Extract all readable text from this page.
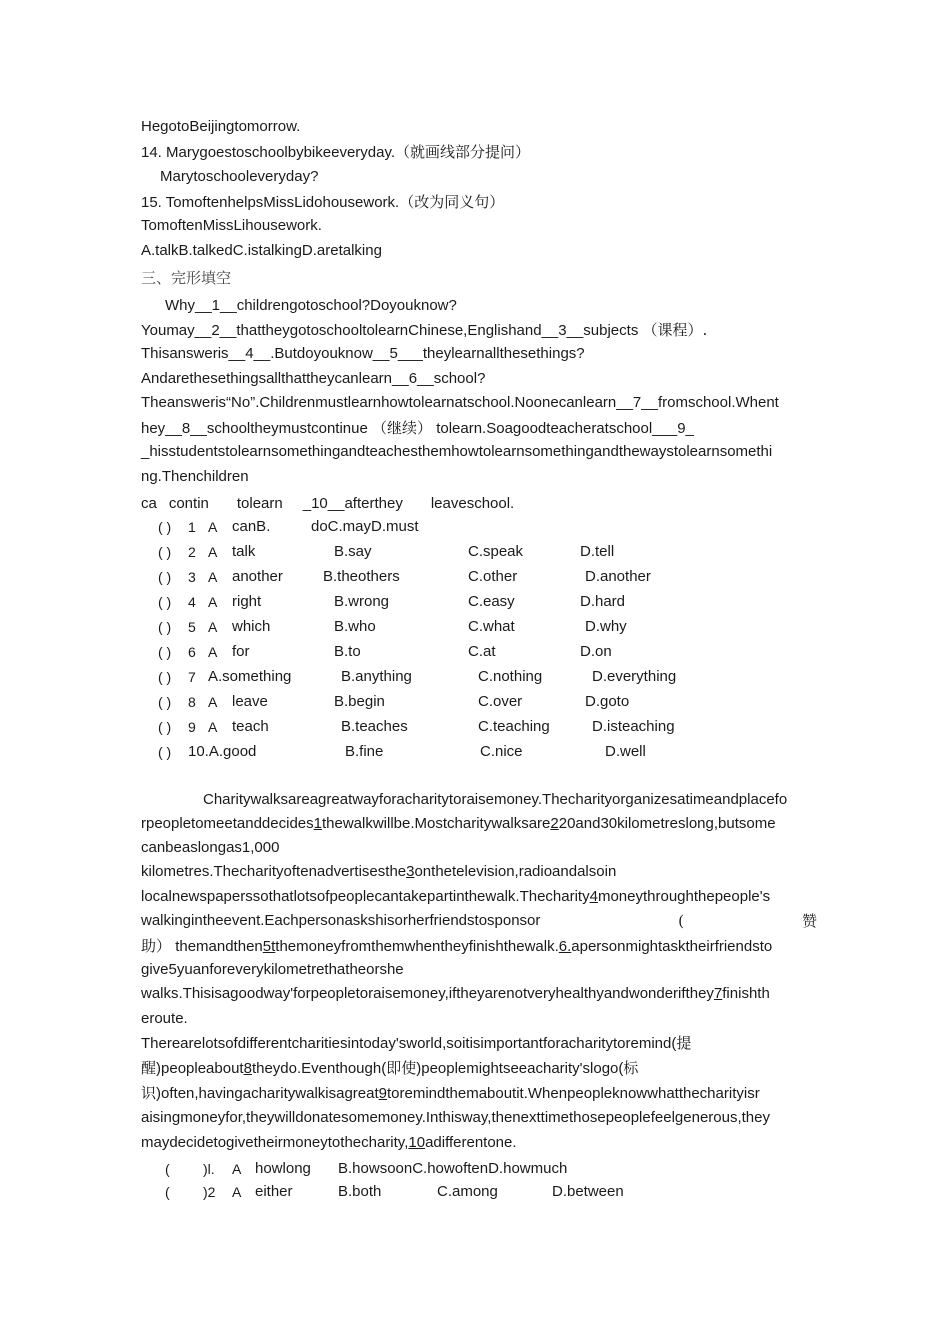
HegotoBeijingtomorrow.
14. Marygoestoschoolbybikeeveryday.（就画线部分提问）
Marytoschooleveryday?
15. TomoftenhelpsMissLidohousework.（改为同义句）
TomoftenMissLihousework.
A.talkB.talkedC.istalkingD.aretalking
三、完形填空
Why__1__childrengotoschool?Doyouknow?
Youmay__2__thattheygotoschooltolearnChinese,Englishand__3__subjects （课程）.
Thisansweris__4__.Butdoyouknow__5___theylearnallthesethings?
Andarethesethingsallthattheycanlearn__6__school?
Theansweris“No”.Childrenmustlearnhowtolearnatschool.Noonecanlearn__7__fromschool.Whent
hey__8__schooltheymustcontinue （继续） tolearn.Soagoodteacheratschool___9_
_hisstudentstolearnsomethingandteachesthemhowtolearnsomethingandthewaystolearnsomethi
ng.Thenchildren
ca contin tolearn _10__afterthey leaveschool.
( ) 1 A canB.	doC.mayD.must
( ) 2 A talk	B.say	C.speak	D.tell
( ) 3 A another	B.theothers	C.other	D.another
( ) 4 A right	B.wrong	C.easy	D.hard
( ) 5 A which	B.who	C.what	D.why
( ) 6 A for	B.to	C.at	D.on
( ) 7 A.something	B.anything	C.nothing	D.everything
( ) 8 A leave	B.begin	C.over	D.goto
( ) 9 A teach	B.teaches	C.teaching	D.isteaching
( ) 10.A.good	B.fine	C.nice	D.well
Charitywalksareagreatwayforacharitytoraisemoney.Thecharityorganizesatimeandplacefo
rpeopletomeetanddecides1thewalkwillbe.Mostcharitywalksare220and30kilometreslong,butsome
canbeaslongas1,000
kilometres.Thecharityoftenadvertisesthe3onthetelevision,radioandalsoin
localnewspaperssothatlotsofpeoplecantakepartinthewalk.Thecharity4moneythroughthepeople's
walkingintheevent.Eachpersonaskshisorherfriendstosponsor	(	赞
助） themandthen5tthemoneyfromthemwhentheyfinishthewalk.6.apersonmightasktheirfriendsto
give5yuanforeverykilometrethatheorshe
walks.Thisisagoodway'forpeopletoraisemoney,iftheyarenotveryhealthyandwonderifthey7finishth
eroute.
Therearelotsofdifferentcharitiesintoday'sworld,soitisimportantforacharitytoremind(提
醒)peopleabout8theydo.Eventhough(即使)peoplemightseeacharity'slogo(标
识)often,havingacharitywalkisagreat9toremindthemaboutit.Whenpeopleknowwhatthecharityisr
aisingmoneyfor,theywilldonatesomemoney.Inthisway,thenexttimethosepeoplefeelgenerous,they
maydecidetogivetheirmoneytothecharity,10adifferentone.
( )l. A howlong B.howsoonC.howoftenD.howmuch
( )2 A either	B.both	C.among	D.between
